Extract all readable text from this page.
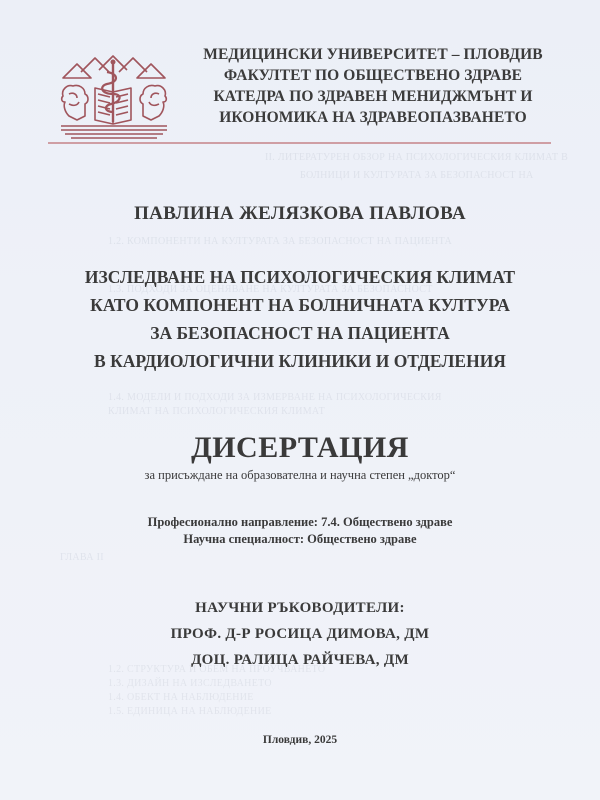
II. ЛИТЕРАТУРЕН ОБЗОР НА ПСИХОЛОГИЧЕСКИЯ КЛИМАТ В
БОЛНИЦИ И КУЛТУРАТА ЗА БЕЗОПАСНОСТ НА
1.2. КОМПОНЕНТИ НА КУЛТУРАТА ЗА БЕЗОПАСНОСТ НА ПАЦИЕНТА
1.3. ПОДХОДИ ЗА ОЦЕНЯВАНЕ НА КУЛТУРАТА ЗА БЕЗОПАСНОСТ
1.4. МОДЕЛИ И ПОДХОДИ ЗА ИЗМЕРВАНЕ НА ПСИХОЛОГИЧЕСКИЯ
КЛИМАТ НА ПСИХОЛОГИЧЕСКИЯ КЛИМАТ
ГЛАВА II
1.2. СТРУКТУРА И ОБЕМ НА ПРОУЧВАНЕТО
1.3. ДИЗАЙН НА ИЗСЛЕДВАНЕТО
1.4. ОБЕКТ НА НАБЛЮДЕНИЕ
1.5. ЕДИНИЦА НА НАБЛЮДЕНИЕ
МЕДИЦИНСКИ УНИВЕРСИТЕТ – ПЛОВДИВ
ФАКУЛТЕТ ПО ОБЩЕСТВЕНО ЗДРАВЕ
КАТЕДРА ПО ЗДРАВЕН МЕНИДЖМЪНТ И
ИКОНОМИКА НА ЗДРАВЕОПАЗВАНЕТО
ПАВЛИНА ЖЕЛЯЗКОВА ПАВЛОВА
ИЗСЛЕДВАНЕ НА ПСИХОЛОГИЧЕСКИЯ КЛИМАТ
КАТО КОМПОНЕНТ НА БОЛНИЧНАТА КУЛТУРА
ЗА БЕЗОПАСНОСТ НА ПАЦИЕНТА
В КАРДИОЛОГИЧНИ КЛИНИКИ И ОТДЕЛЕНИЯ
ДИСЕРТАЦИЯ
за присъждане на образователна и научна степен „доктор“
Професионално направление: 7.4. Обществено здраве
Научна специалност: Обществено здраве
НАУЧНИ РЪКОВОДИТЕЛИ:
ПРОФ. Д-Р РОСИЦА ДИМОВА, ДМ
ДОЦ. РАЛИЦА РАЙЧЕВА, ДМ
Пловдив, 2025
